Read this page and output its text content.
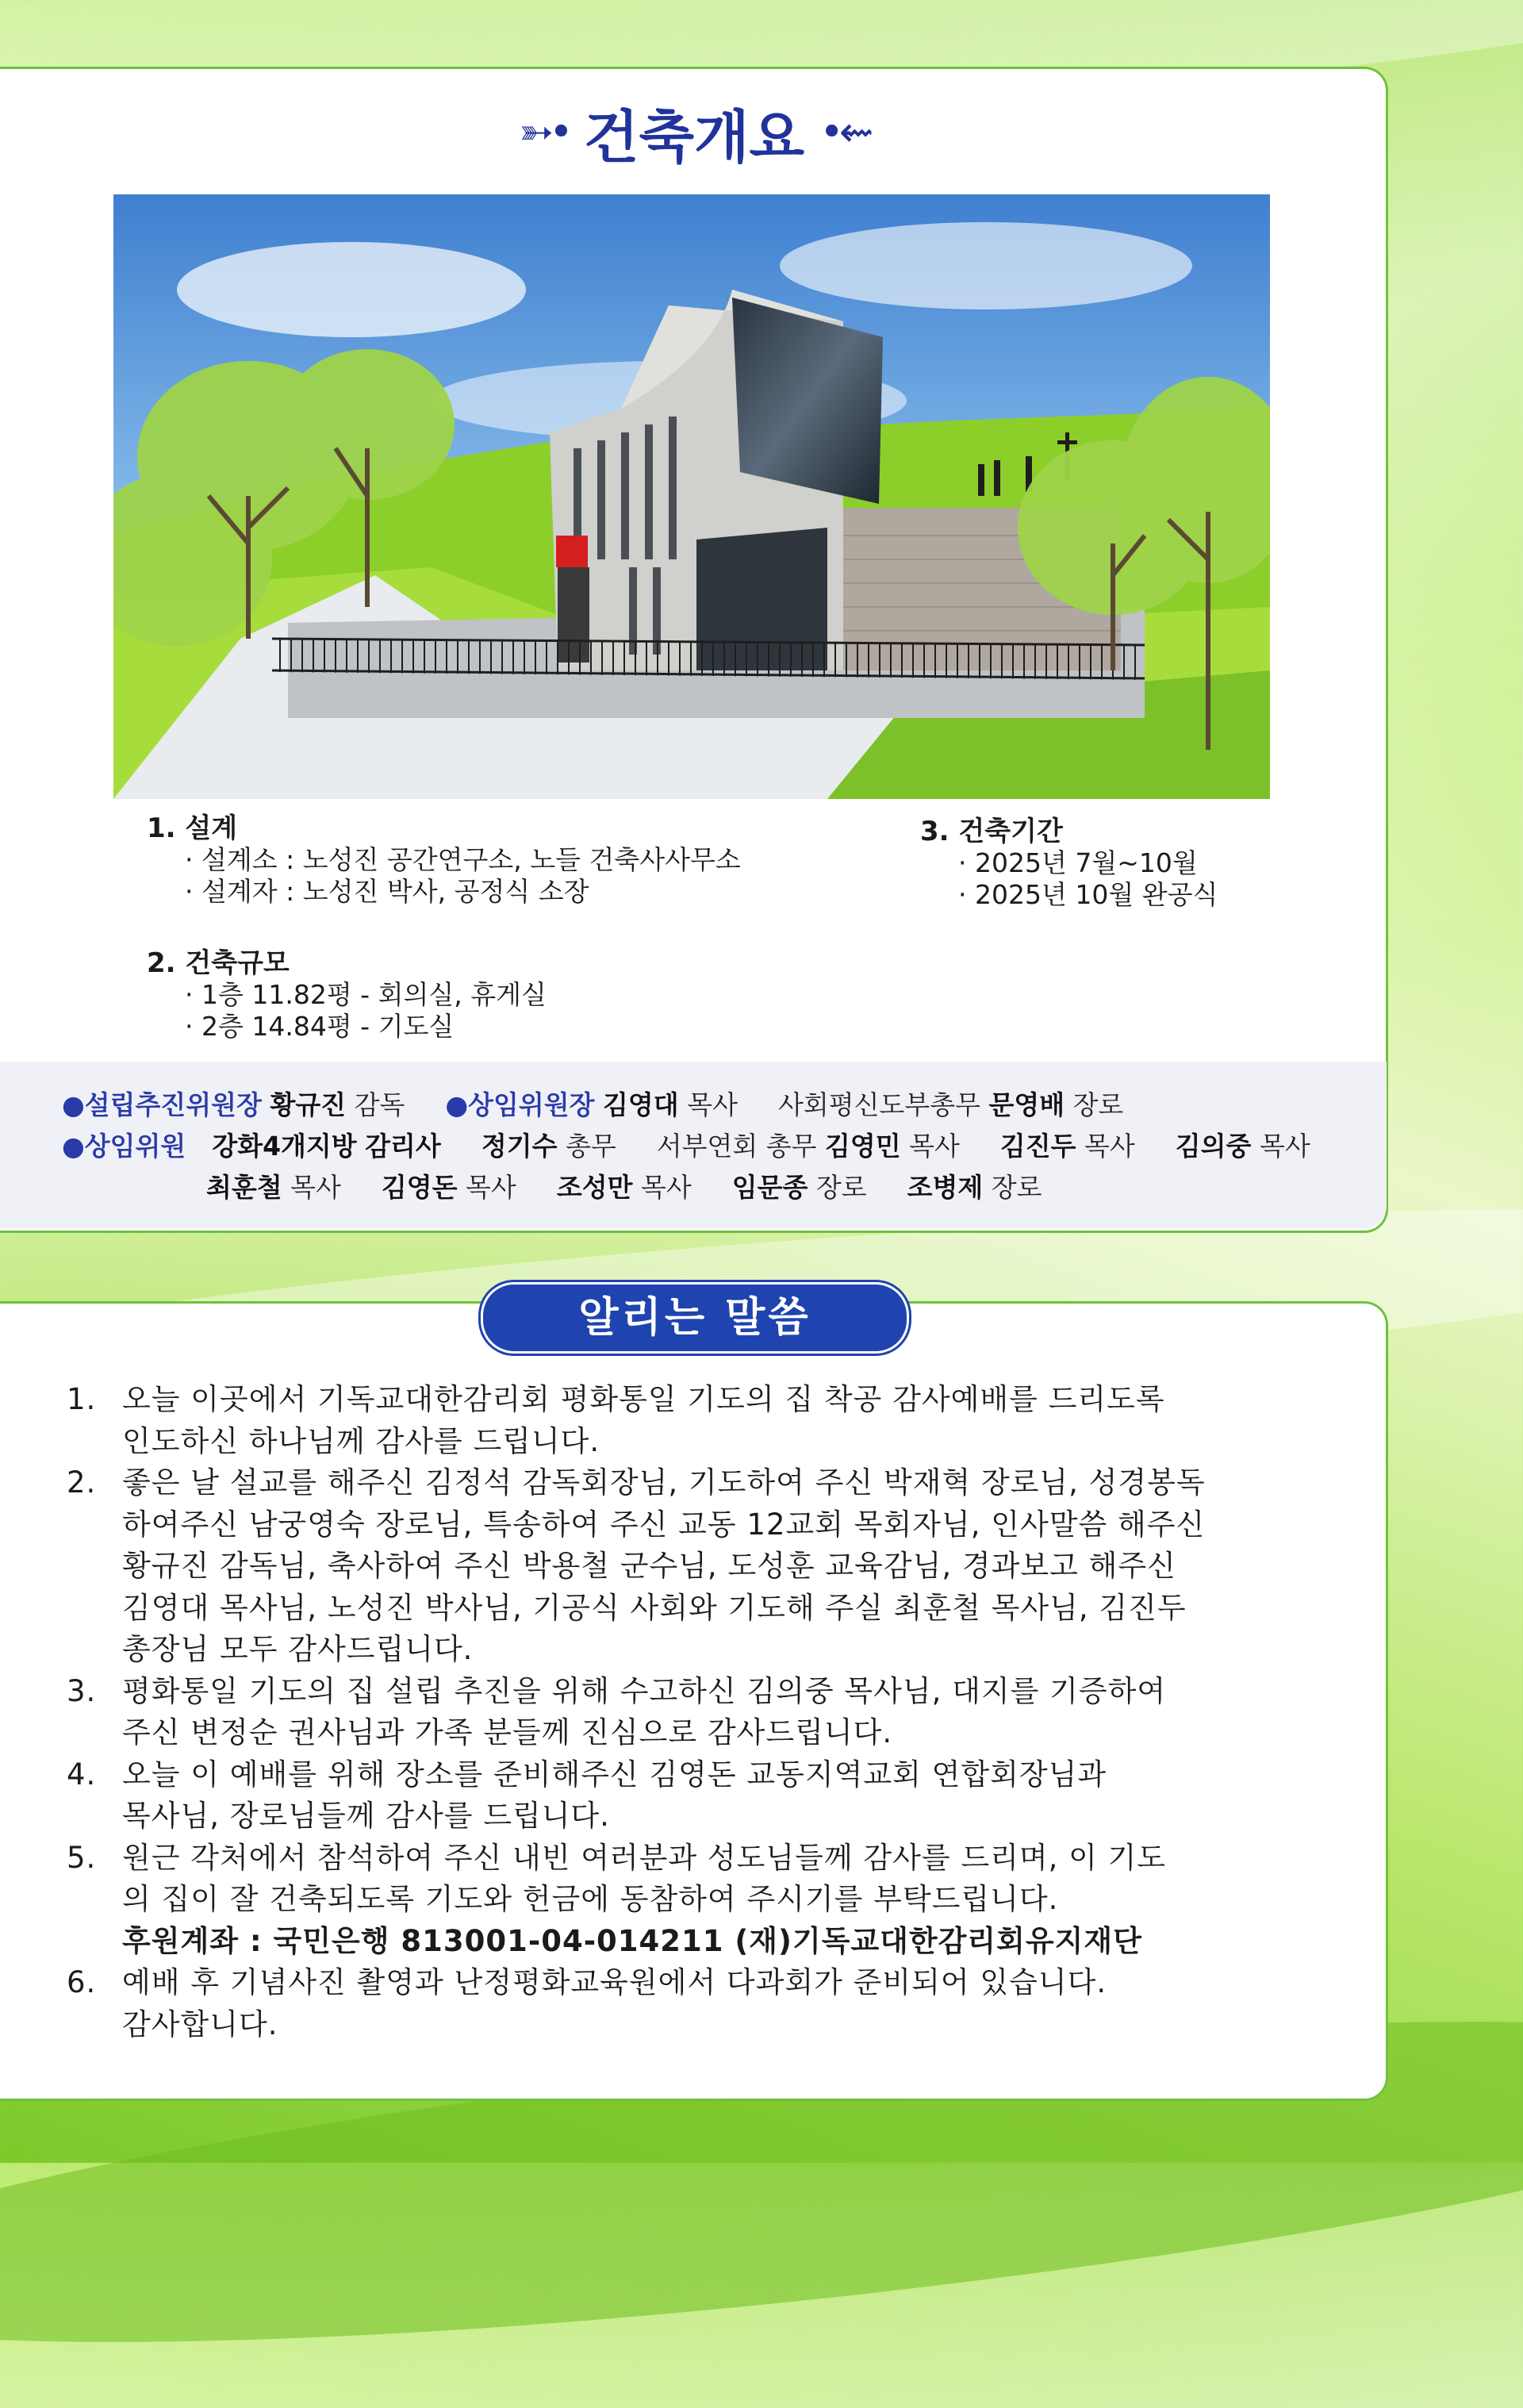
➳• 건축개요 •⇜
1. 설계
· 설계소 : 노성진 공간연구소, 노들 건축사사무소
· 설계자 : 노성진 박사, 공정식 소장
3. 건축기간
· 2025년 7월~10월
· 2025년 10월 완공식
2. 건축규모
· 1층 11.82평 - 회의실, 휴게실
· 2층 14.84평 - 기도실
●설립추진위원장 황규진 감독 ●상임위원장 김영대 목사 사회평신도부총무 문영배 장로
●상임위원 강화4개지방 감리사 정기수 총무 서부연회 총무 김영민 목사 김진두 목사 김의중 목사
최훈철 목사 김영돈 목사 조성만 목사 임문종 장로 조병제 장로
알리는 말씀
1. 오늘 이곳에서 기독교대한감리회 평화통일 기도의 집 착공 감사예배를 드리도록
인도하신 하나님께 감사를 드립니다.
2. 좋은 날 설교를 해주신 김정석 감독회장님, 기도하여 주신 박재혁 장로님, 성경봉독
하여주신 남궁영숙 장로님, 특송하여 주신 교동 12교회 목회자님, 인사말씀 해주신
황규진 감독님, 축사하여 주신 박용철 군수님, 도성훈 교육감님, 경과보고 해주신
김영대 목사님, 노성진 박사님, 기공식 사회와 기도해 주실 최훈철 목사님, 김진두
총장님 모두 감사드립니다.
3. 평화통일 기도의 집 설립 추진을 위해 수고하신 김의중 목사님, 대지를 기증하여
주신 변정순 권사님과 가족 분들께 진심으로 감사드립니다.
4. 오늘 이 예배를 위해 장소를 준비해주신 김영돈 교동지역교회 연합회장님과
목사님, 장로님들께 감사를 드립니다.
5. 원근 각처에서 참석하여 주신 내빈 여러분과 성도님들께 감사를 드리며, 이 기도
의 집이 잘 건축되도록 기도와 헌금에 동참하여 주시기를 부탁드립니다.
후원계좌 : 국민은행 813001-04-014211 (재)기독교대한감리회유지재단
6. 예배 후 기념사진 촬영과 난정평화교육원에서 다과회가 준비되어 있습니다.
감사합니다.
